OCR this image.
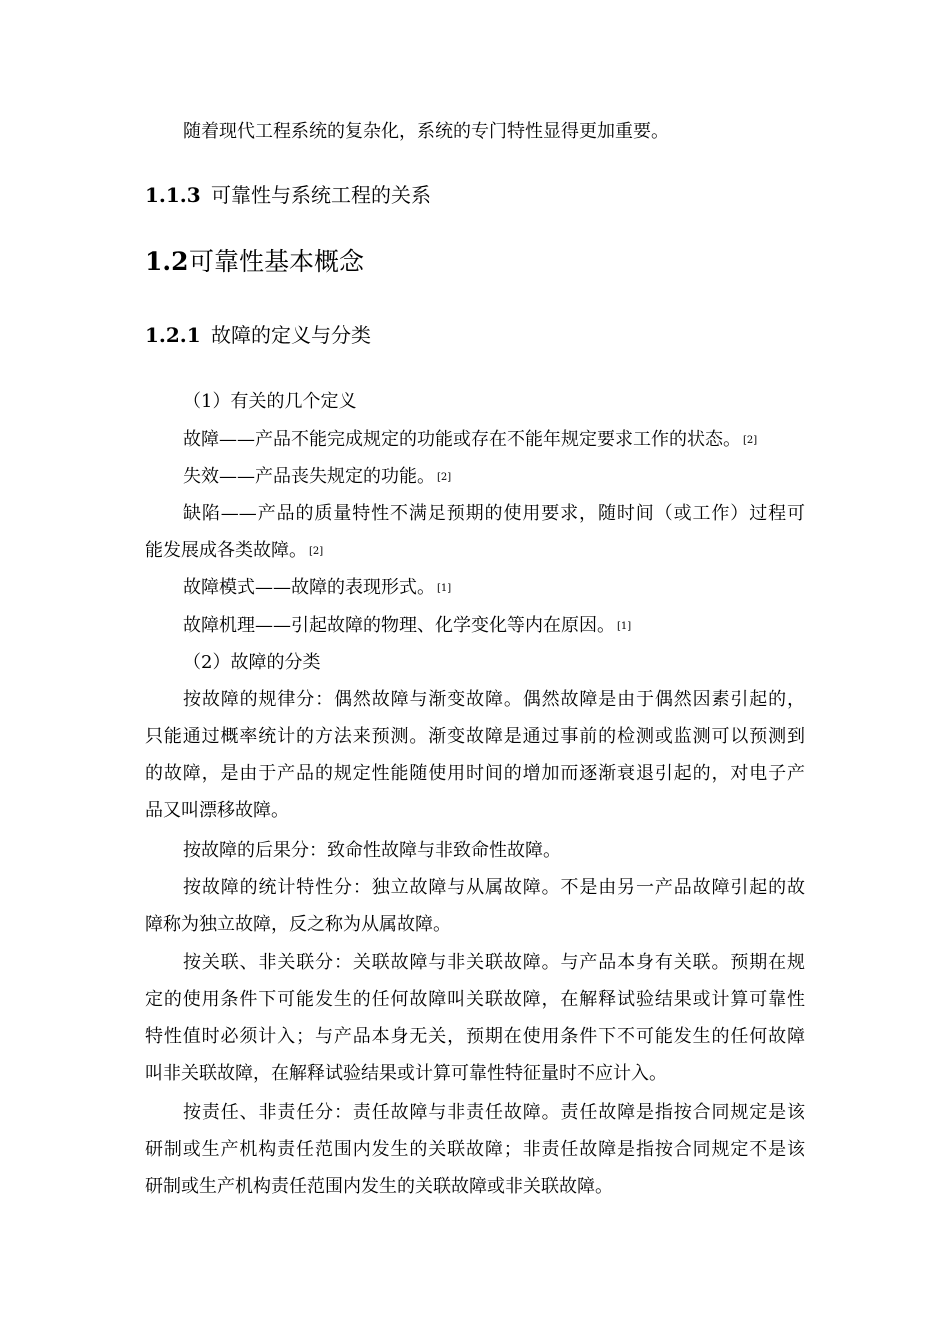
随着现代工程系统的复杂化，系统的专门特性显得更加重要。
1.1.3 可靠性与系统工程的关系
1.2可靠性基本概念
1.2.1 故障的定义与分类
（1）有关的几个定义
故障——产品不能完成规定的功能或存在不能年规定要求工作的状态。 [2]
失效——产品丧失规定的功能。 [2]
缺陷——产品的质量特性不满足预期的使用要求，随时间（或工作）过程可
能发展成各类故障。 [2]
故障模式——故障的表现形式。 [1]
故障机理——引起故障的物理、化学变化等内在原因。 [1]
（2）故障的分类
按故障的规律分：偶然故障与渐变故障。偶然故障是由于偶然因素引起的，
只能通过概率统计的方法来预测。渐变故障是通过事前的检测或监测可以预测到
的故障，是由于产品的规定性能随使用时间的增加而逐渐衰退引起的，对电子产
品又叫漂移故障。
按故障的后果分：致命性故障与非致命性故障。
按故障的统计特性分：独立故障与从属故障。不是由另一产品故障引起的故
障称为独立故障，反之称为从属故障。
按关联、非关联分：关联故障与非关联故障。与产品本身有关联。预期在规
定的使用条件下可能发生的任何故障叫关联故障，在解释试验结果或计算可靠性
特性值时必须计入；与产品本身无关，预期在使用条件下不可能发生的任何故障
叫非关联故障，在解释试验结果或计算可靠性特征量时不应计入。
按责任、非责任分：责任故障与非责任故障。责任故障是指按合同规定是该
研制或生产机构责任范围内发生的关联故障；非责任故障是指按合同规定不是该
研制或生产机构责任范围内发生的关联故障或非关联故障。
